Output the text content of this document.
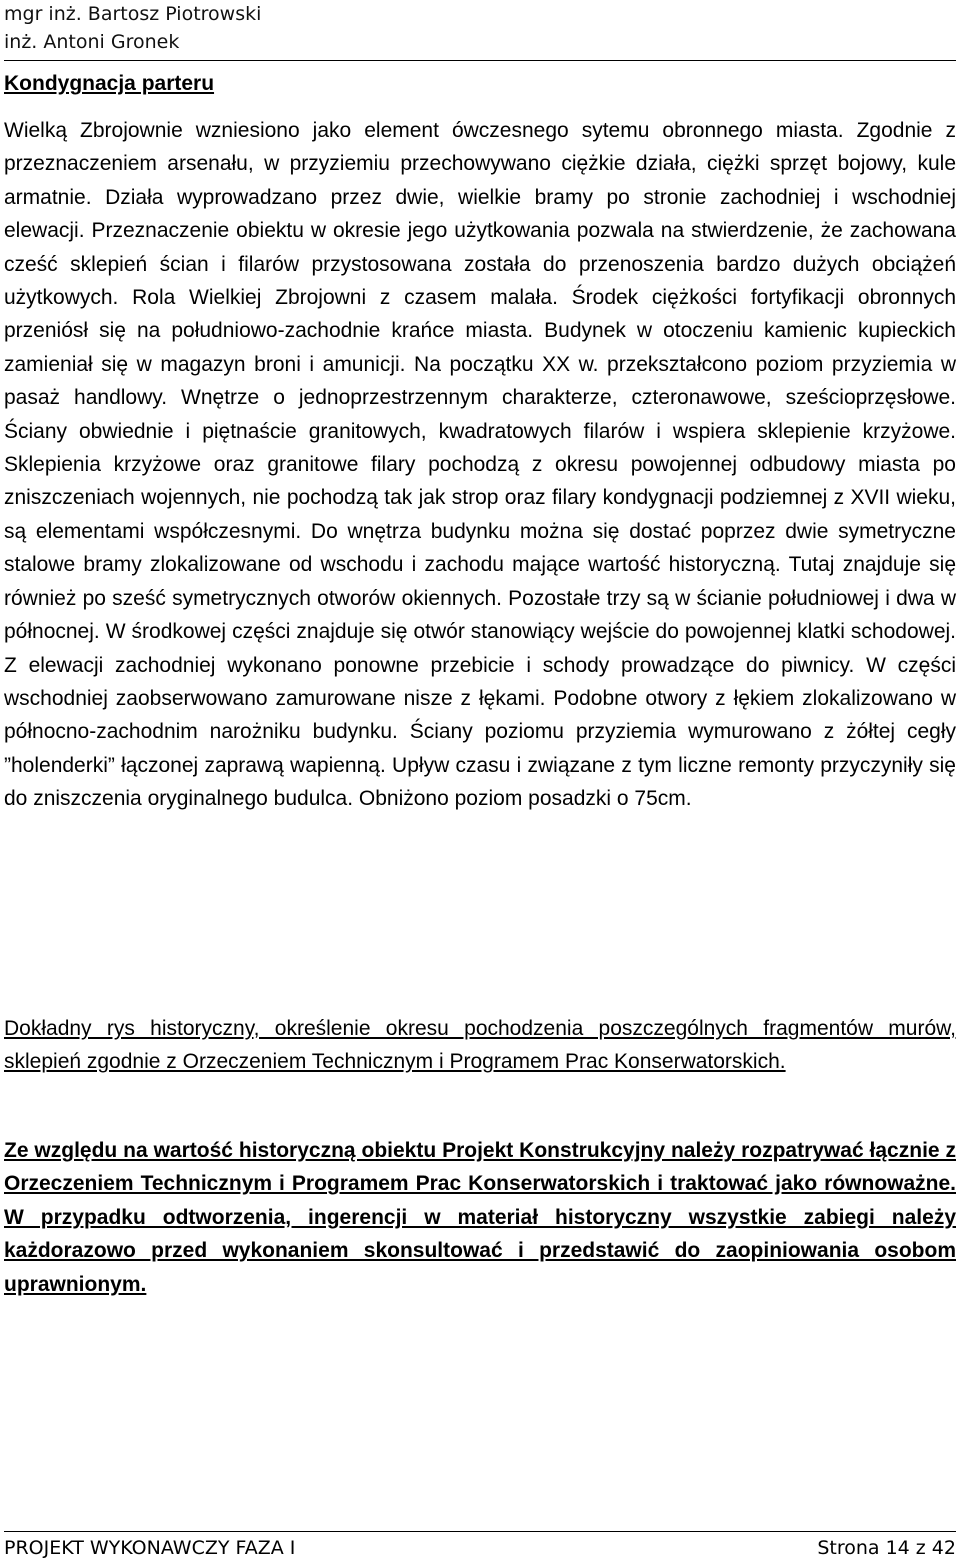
mgr inż. Bartosz Piotrowski
inż. Antoni Gronek
Kondygnacja parteru

Wielką Zbrojownie wzniesiono jako element ówczesnego sytemu obronnego miasta. Zgodnie z przeznaczeniem arsenału, w przyziemiu przechowywano ciężkie działa, ciężki sprzęt bojowy, kule armatnie. Działa wyprowadzano przez dwie, wielkie bramy po stronie zachodniej i wschodniej elewacji. Przeznaczenie obiektu w okresie jego użytkowania pozwala na stwierdzenie, że zachowana cześć sklepień ścian i filarów przystosowana została do przenoszenia bardzo dużych obciążeń użytkowych. Rola Wielkiej Zbrojowni z czasem malała. Środek ciężkości fortyfikacji obronnych przeniósł się na południowo-zachodnie krańce miasta. Budynek w otoczeniu kamienic kupieckich zamieniał się w magazyn broni i amunicji. Na początku XX w. przekształcono poziom przyziemia w pasaż handlowy. Wnętrze o jednoprzestrzennym charakterze, czteronawowe, sześcioprzęsłowe. Ściany obwiednie i piętnaście granitowych, kwadratowych filarów i wspiera sklepienie krzyżowe. Sklepienia krzyżowe oraz granitowe filary pochodzą z okresu powojennej odbudowy miasta po zniszczeniach wojennych, nie pochodzą tak jak strop oraz filary kondygnacji podziemnej z XVII wieku, są elementami współczesnymi. Do wnętrza budynku można się dostać poprzez dwie symetryczne stalowe bramy zlokalizowane od wschodu i zachodu mające wartość historyczną. Tutaj znajduje się również po sześć symetrycznych otworów okiennych. Pozostałe trzy są w ścianie południowej i dwa w północnej. W środkowej części znajduje się otwór stanowiący wejście do powojennej klatki schodowej. Z elewacji zachodniej wykonano ponowne przebicie i schody prowadzące do piwnicy. W części wschodniej zaobserwowano zamurowane nisze z łękami. Podobne otwory z łękiem zlokalizowano w północno-zachodnim narożniku budynku. Ściany poziomu przyziemia wymurowano z żółtej cegły ”holenderki” łączonej zaprawą wapienną. Upływ czasu i związane z tym liczne remonty przyczyniły się do zniszczenia oryginalnego budulca. Obniżono poziom posadzki o 75cm.

Dokładny rys historyczny, określenie okresu pochodzenia poszczególnych fragmentów murów, sklepień zgodnie z Orzeczeniem Technicznym i Programem Prac Konserwatorskich.

Ze względu na wartość historyczną obiektu Projekt Konstrukcyjny należy rozpatrywać łącznie z Orzeczeniem Technicznym i Programem Prac Konserwatorskich i traktować jako równoważne. W przypadku odtworzenia, ingerencji w materiał historyczny wszystkie zabiegi należy każdorazowo przed wykonaniem skonsultować i przedstawić do zaopiniowania osobom uprawnionym.

PROJEKT WYKONAWCZY FAZA I	Strona 14 z 42
